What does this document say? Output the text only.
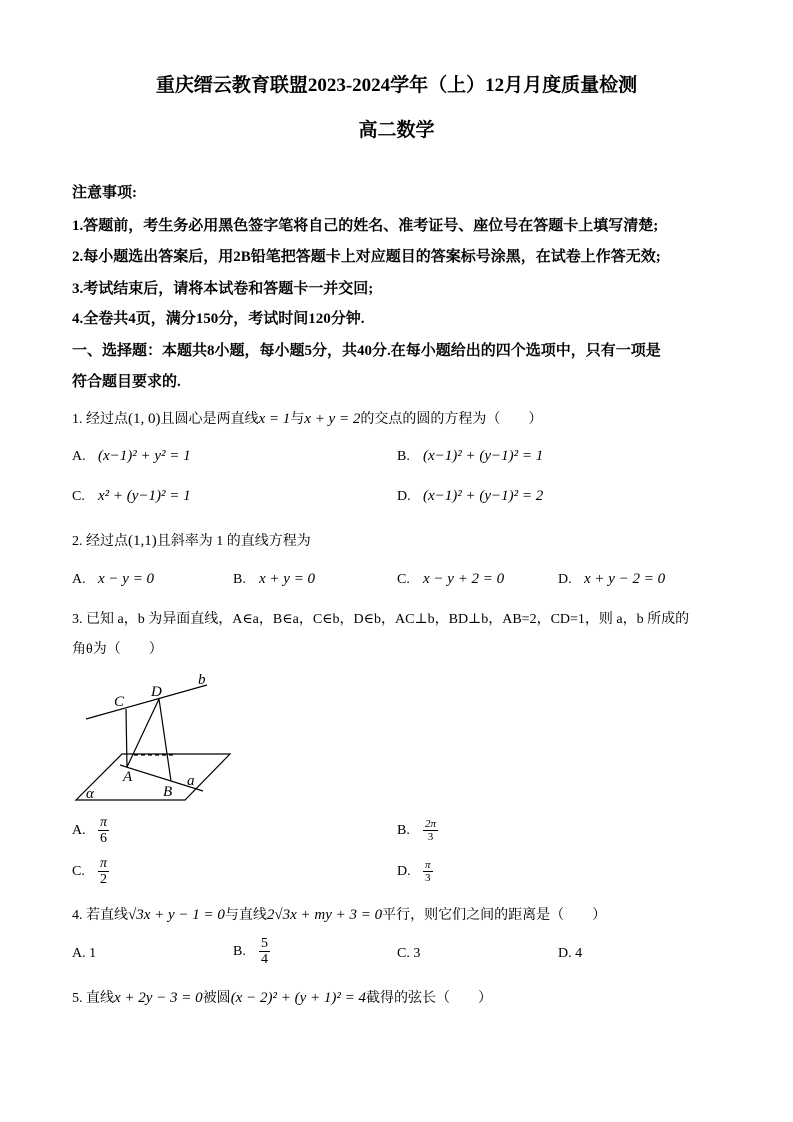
重庆缙云教育联盟2023-2024学年（上）12月月度质量检测
高二数学
注意事项:
1.答题前，考生务必用黑色签字笔将自己的姓名、准考证号、座位号在答题卡上填写清楚;
2.每小题选出答案后，用2B铅笔把答题卡上对应题目的答案标号涂黑，在试卷上作答无效;
3.考试结束后，请将本试卷和答题卡一并交回;
4.全卷共4页，满分150分，考试时间120分钟.
一、选择题：本题共8小题，每小题5分，共40分.在每小题给出的四个选项中，只有一项是
符合题目要求的.
1. 经过点(1, 0)且圆心是两直线x = 1与x + y = 2的交点的圆的方程为（　　）
A. (x−1)² + y² = 1	B. (x−1)² + (y−1)² = 1
C. x² + (y−1)² = 1	D. (x−1)² + (y−1)² = 2
2. 经过点(1,1)且斜率为 1 的直线方程为
A. x − y = 0	B. x + y = 0	C. x − y + 2 = 0	D. x + y − 2 = 0
3. 已知 a，b 为异面直线，A∈a，B∈a，C∈b，D∈b，AC⊥b，BD⊥b，AB=2，CD=1，则 a，b 所成的
角θ为（　　）
C
D
b
A
B
a
α
A. $\frac{\pi}{6}$	B. $\frac{2\pi}{3}$
C. $\frac{\pi}{2}$	D. $\frac{\pi}{3}$
4. 若直线√3x + y − 1 = 0与直线2√3x + my + 3 = 0平行，则它们之间的距离是（　　）
A. 1	B. $\frac{5}{4}$	C. 3	D. 4
5. 直线x + 2y − 3 = 0被圆(x − 2)² + (y + 1)² = 4截得的弦长（　　）
